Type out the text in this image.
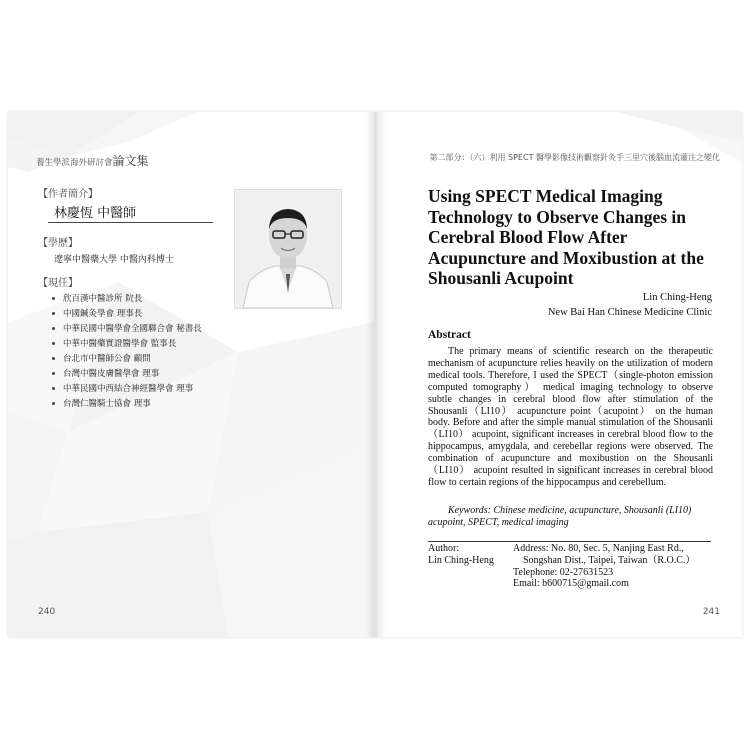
養生學派海外研討會論文集
【作者簡介】
林慶恆 中醫師
【學歷】
遼寧中醫藥大學 中醫內科博士
【現任】
欣百漢中醫診所 院長
中國鍼灸學會 理事長
中華民國中醫學會全國聯合會 秘書長
中華中醫藥實證醫學會 監事長
台北市中醫師公會 顧問
台灣中醫皮膚醫學會 理事
中華民國中西結合神經醫學會 理事
台灣仁醫騎士協會 理事
240
第二部分：（六）利用 SPECT 醫學影像技術觀察針灸手三里穴後腦血流灌注之變化
Using SPECT Medical Imaging Technology to Observe Changes in Cerebral Blood Flow After Acupuncture and Moxibustion at the Shousanli Acupoint
Lin Ching-Heng
New Bai Han Chinese Medicine Clinic
Abstract

The primary means of scientific research on the therapeutic mechanism of acupuncture relies heavily on the utilization of modern medical tools. Therefore, I used the SPECT（single-photon emission computed tomography） medical imaging technology to observe subtle changes in cerebral blood flow after stimulation of the Shousanli（LI10） acupuncture point（acupoint） on the human body. Before and after the simple manual stimulation of the Shousanli（LI10） acupoint, significant increases in cerebral blood flow to the hippocampus, amygdala, and cerebellar regions were observed. The combination of acupuncture and moxibustion on the Shousanli（LI10） acupoint resulted in significant increases in cerebral blood flow to certain regions of the hippocampus and cerebellum.

Keywords: Chinese medicine, acupuncture, Shousanli (LI10) acupoint, SPECT, medical imaging

Author:
Lin Ching-Heng
Address: No. 80, Sec. 5, Nanjing East Rd.,
Songshan Dist., Taipei, Taiwan（R.O.C.）
Telephone: 02-27631523
Email: b600715@gmail.com
241
